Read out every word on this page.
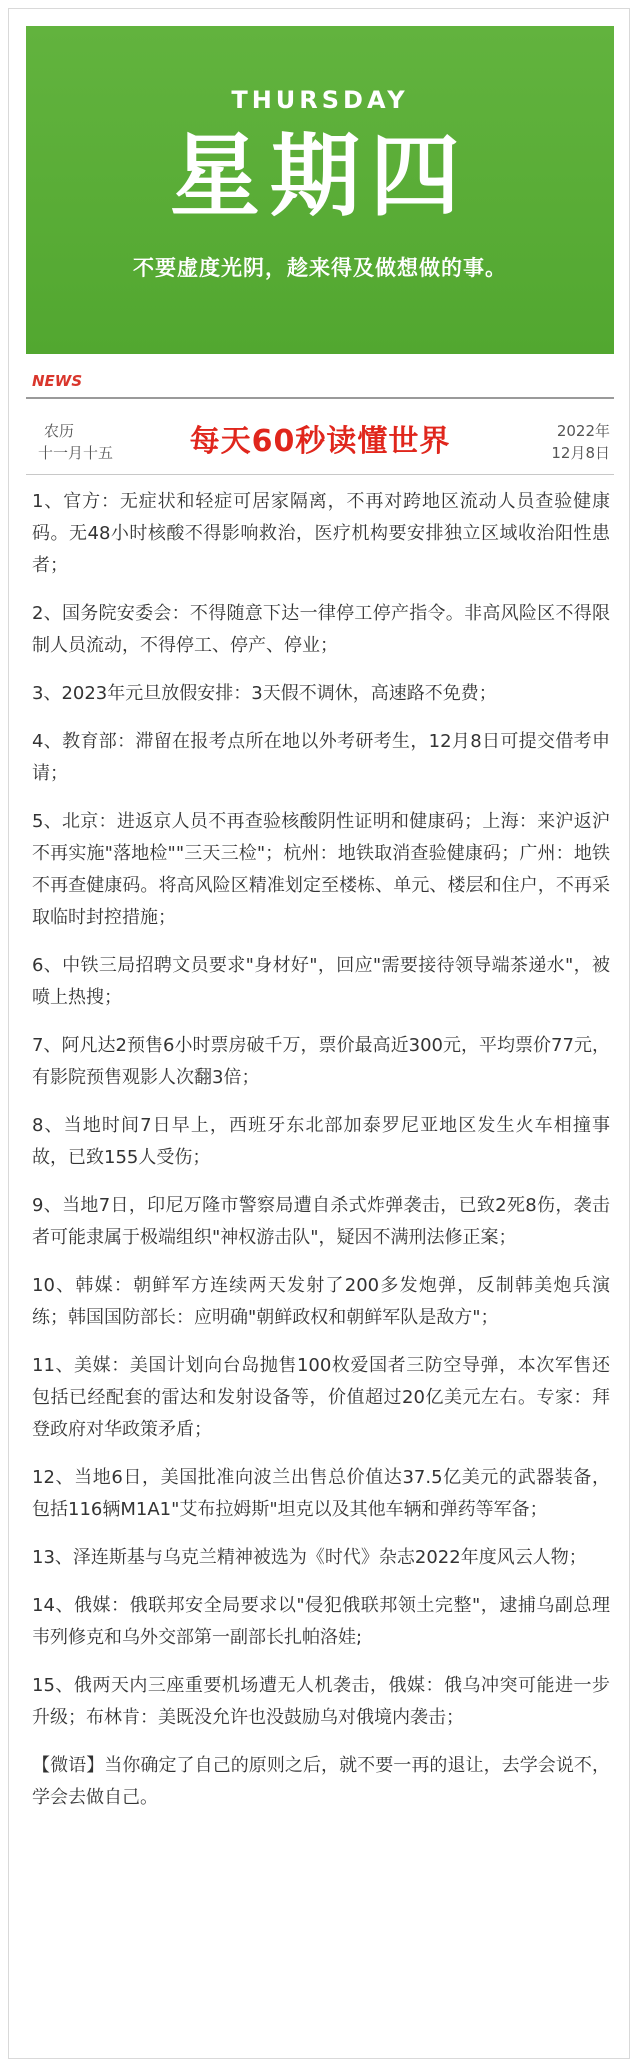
THURSDAY
星期四
不要虚度光阴，趁来得及做想做的事。
NEWS
农历
十一月十五	每天60秒读懂世界	2022年
12月8日

1、官方：无症状和轻症可居家隔离，不再对跨地区流动人员查验健康码。无48小时核酸不得影响救治，医疗机构要安排独立区域收治阳性患者；

2、国务院安委会：不得随意下达一律停工停产指令。非高风险区不得限制人员流动，不得停工、停产、停业；

3、2023年元旦放假安排：3天假不调休，高速路不免费；

4、教育部：滞留在报考点所在地以外考研考生，12月8日可提交借考申请；

5、北京：进返京人员不再查验核酸阴性证明和健康码；上海：来沪返沪不再实施"落地检""三天三检"；杭州：地铁取消查验健康码；广州：地铁不再查健康码。将高风险区精准划定至楼栋、单元、楼层和住户，不再采取临时封控措施；

6、中铁三局招聘文员要求"身材好"，回应"需要接待领导端茶递水"，被喷上热搜；

7、阿凡达2预售6小时票房破千万，票价最高近300元，平均票价77元，有影院预售观影人次翻3倍；

8、当地时间7日早上，西班牙东北部加泰罗尼亚地区发生火车相撞事故，已致155人受伤；

9、当地7日，印尼万隆市警察局遭自杀式炸弹袭击，已致2死8伤，袭击者可能隶属于极端组织"神权游击队"，疑因不满刑法修正案；

10、韩媒：朝鲜军方连续两天发射了200多发炮弹，反制韩美炮兵演练；韩国国防部长：应明确"朝鲜政权和朝鲜军队是敌方"；

11、美媒：美国计划向台岛抛售100枚爱国者三防空导弹，本次军售还包括已经配套的雷达和发射设备等，价值超过20亿美元左右。专家：拜登政府对华政策矛盾；

12、当地6日，美国批准向波兰出售总价值达37.5亿美元的武器装备，包括116辆M1A1"艾布拉姆斯"坦克以及其他车辆和弹药等军备；

13、泽连斯基与乌克兰精神被选为《时代》杂志2022年度风云人物；

14、俄媒：俄联邦安全局要求以"侵犯俄联邦领土完整"，逮捕乌副总理韦列修克和乌外交部第一副部长扎帕洛娃;

15、俄两天内三座重要机场遭无人机袭击，俄媒：俄乌冲突可能进一步升级；布林肯：美既没允许也没鼓励乌对俄境内袭击；

【微语】当你确定了自己的原则之后，就不要一再的退让，去学会说不，学会去做自己。
